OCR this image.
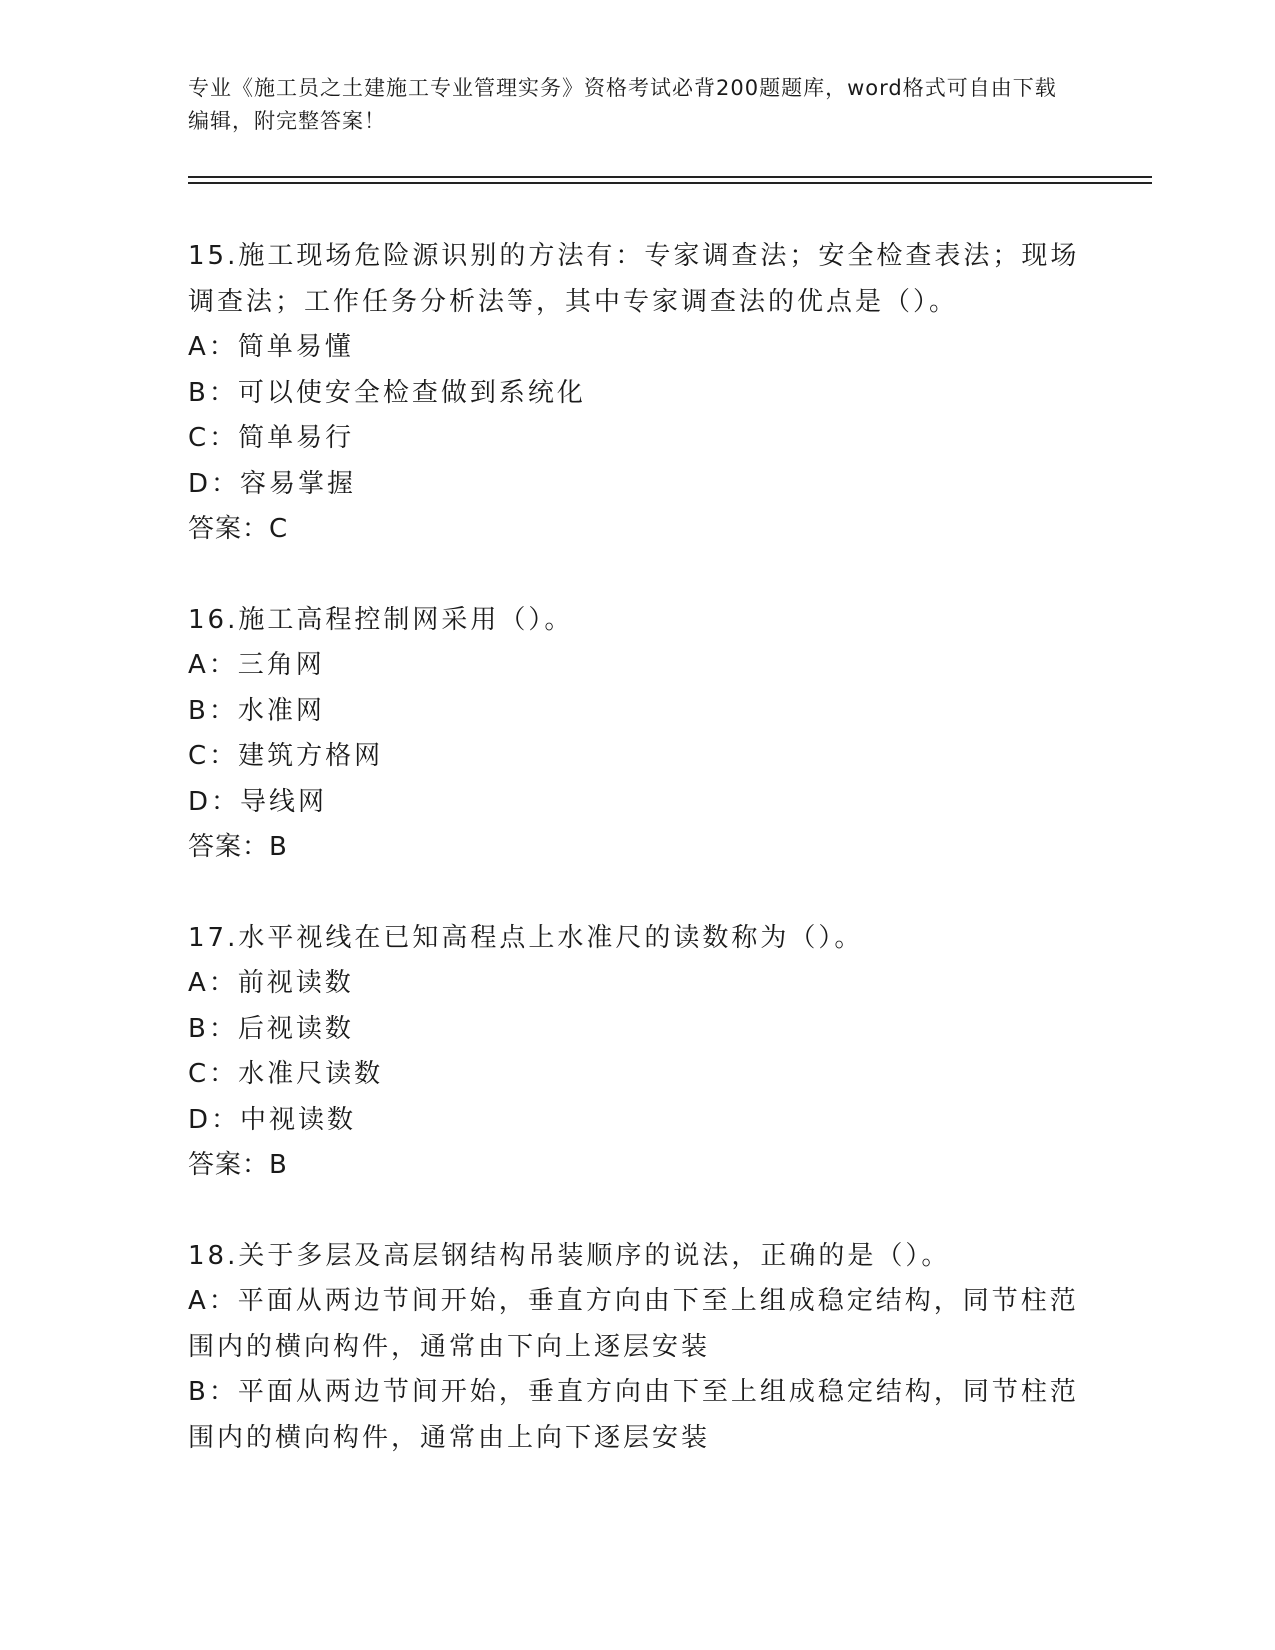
专业《施工员之土建施工专业管理实务》资格考试必背200题题库，word格式可自由下载编辑，附完整答案！

15.施工现场危险源识别的方法有：专家调查法；安全检查表法；现场调查法；工作任务分析法等，其中专家调查法的优点是（）。

A：简单易懂

B：可以使安全检查做到系统化

C：简单易行

D：容易掌握

答案：C

16.施工高程控制网采用（）。

A：三角网

B：水准网

C：建筑方格网

D：导线网

答案：B

17.水平视线在已知高程点上水准尺的读数称为（）。

A：前视读数

B：后视读数

C：水准尺读数

D：中视读数

答案：B

18.关于多层及高层钢结构吊装顺序的说法，正确的是（）。

A：平面从两边节间开始，垂直方向由下至上组成稳定结构，同节柱范围内的横向构件，通常由下向上逐层安装

B：平面从两边节间开始，垂直方向由下至上组成稳定结构，同节柱范围内的横向构件，通常由上向下逐层安装
